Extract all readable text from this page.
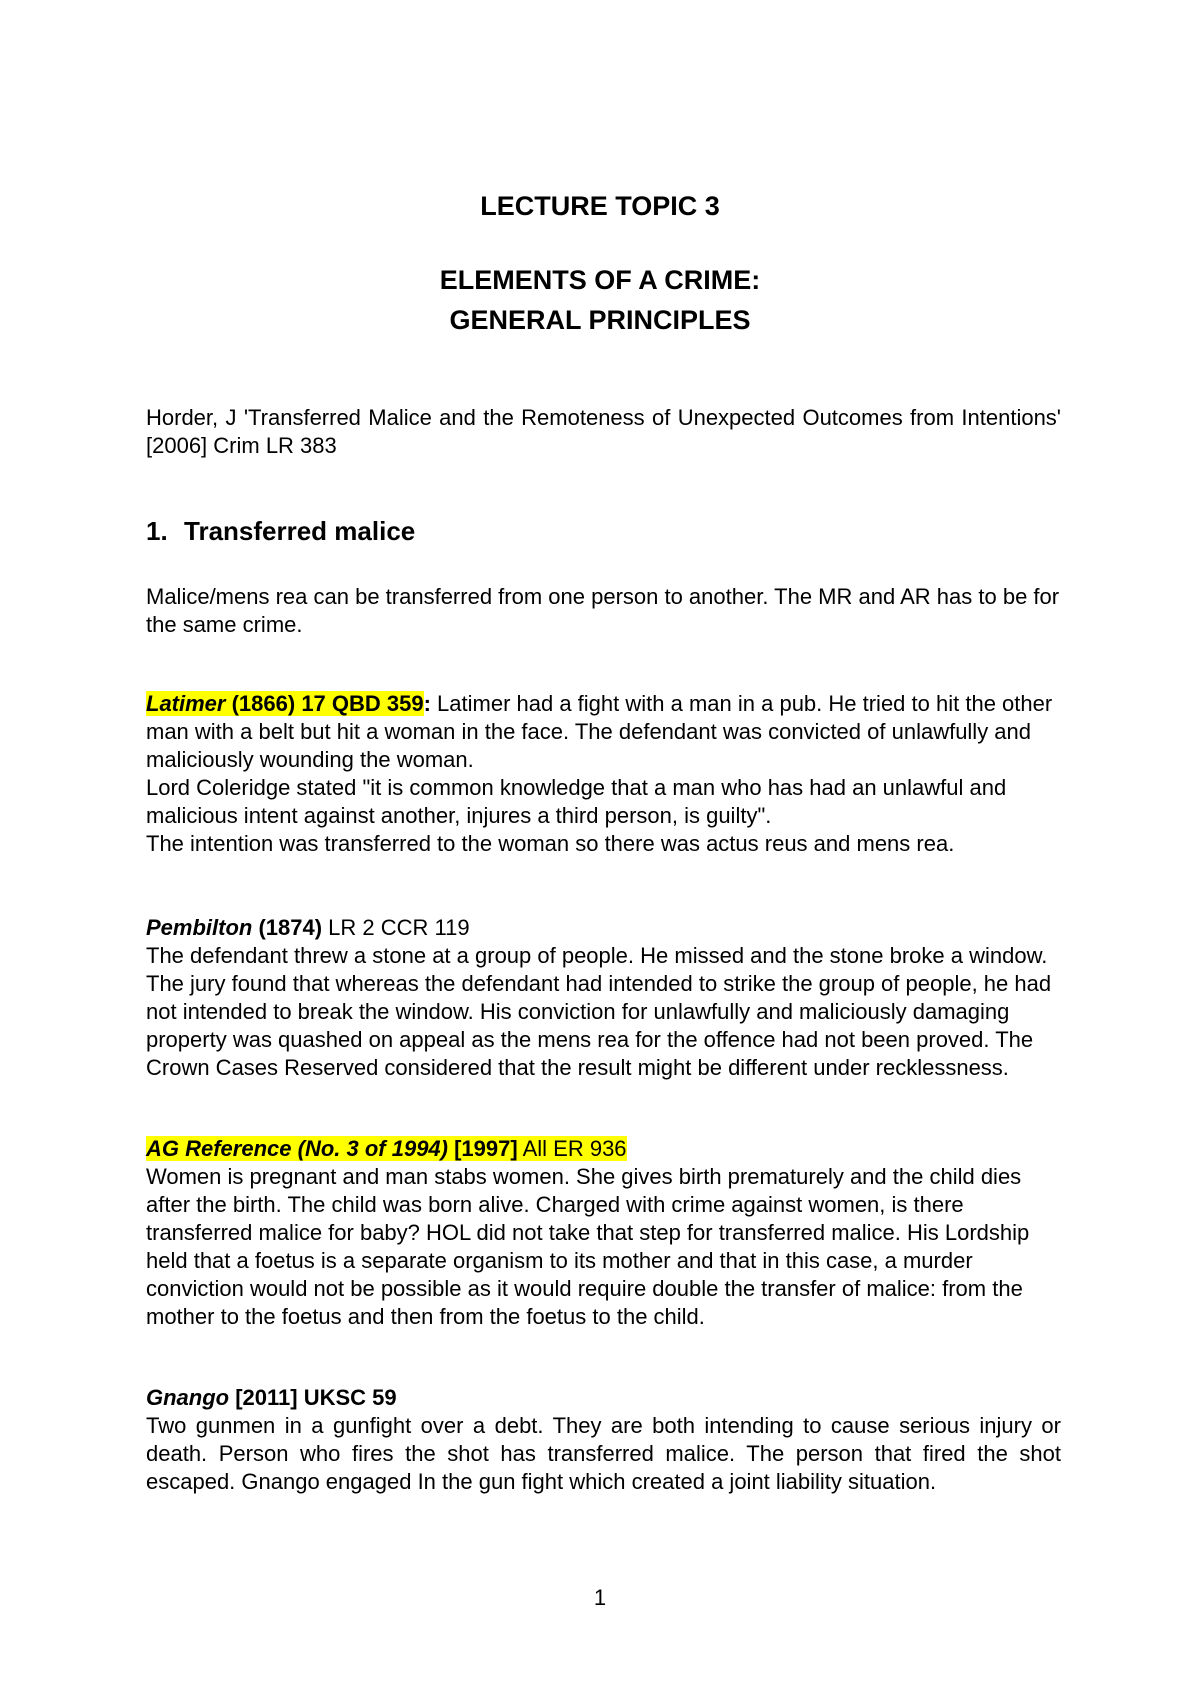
LECTURE TOPIC 3
ELEMENTS OF A CRIME:
GENERAL PRINCIPLES

Horder, J 'Transferred Malice and the Remoteness of Unexpected Outcomes from Intentions' [2006] Crim LR 383

1. Transferred malice

Malice/mens rea can be transferred from one person to another. The MR and AR has to be for the same crime.

Latimer (1866) 17 QBD 359: Latimer had a fight with a man in a pub. He tried to hit the other man with a belt but hit a woman in the face. The defendant was convicted of unlawfully and maliciously wounding the woman.
Lord Coleridge stated "it is common knowledge that a man who has had an unlawful and malicious intent against another, injures a third person, is guilty".
The intention was transferred to the woman so there was actus reus and mens rea.
Pembilton (1874) LR 2 CCR 119
The defendant threw a stone at a group of people. He missed and the stone broke a window. The jury found that whereas the defendant had intended to strike the group of people, he had not intended to break the window. His conviction for unlawfully and maliciously damaging property was quashed on appeal as the mens rea for the offence had not been proved. The Crown Cases Reserved considered that the result might be different under recklessness.
AG Reference (No. 3 of 1994) [1997] All ER 936
Women is pregnant and man stabs women. She gives birth prematurely and the child dies after the birth. The child was born alive. Charged with crime against women, is there transferred malice for baby? HOL did not take that step for transferred malice. His Lordship held that a foetus is a separate organism to its mother and that in this case, a murder conviction would not be possible as it would require double the transfer of malice: from the mother to the foetus and then from the foetus to the child.
Gnango [2011] UKSC 59
Two gunmen in a gunfight over a debt. They are both intending to cause serious injury or death. Person who fires the shot has transferred malice. The person that fired the shot escaped. Gnango engaged In the gun fight which created a joint liability situation.
1
